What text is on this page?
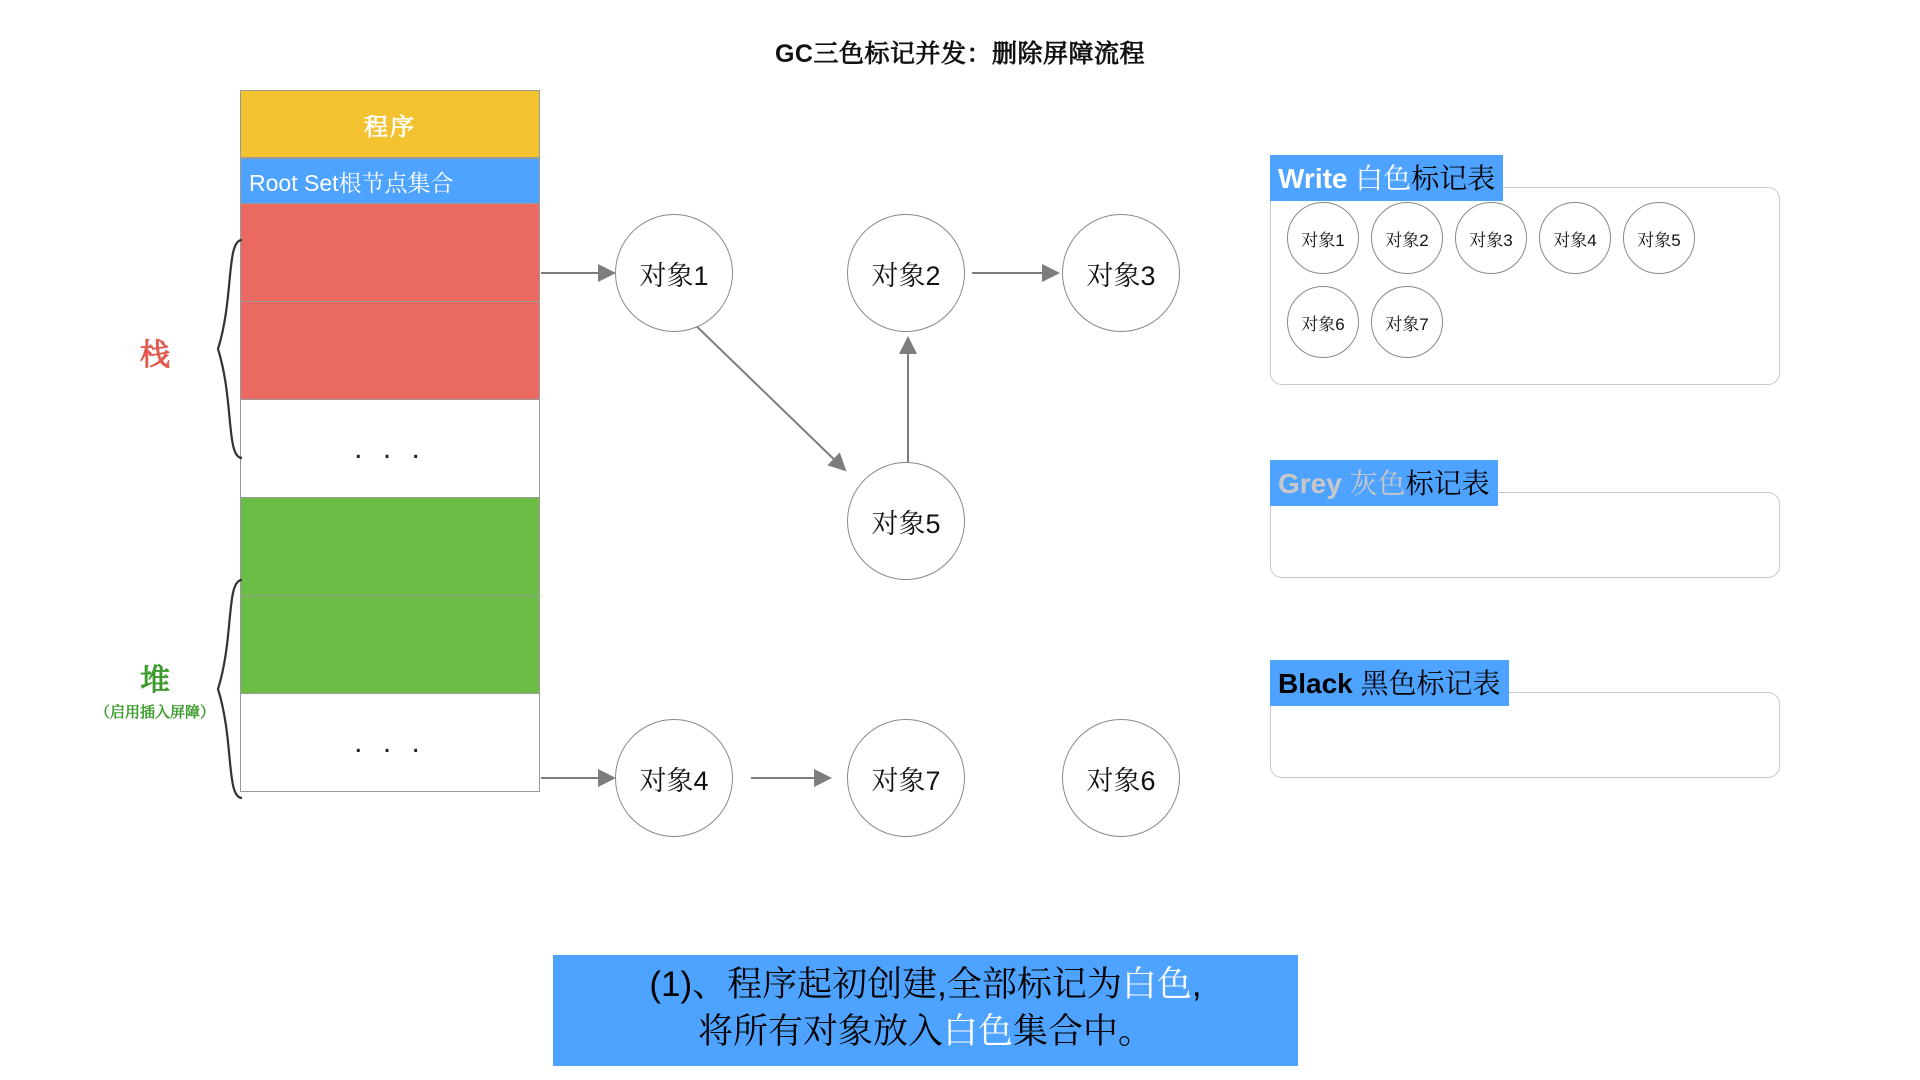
GC三色标记并发：删除屏障流程
程序
Root Set根节点集合
. . .
. . .
栈
堆
（启用插入屏障）
对象1	对象2	对象3
对象5
对象4	对象7	对象6
Write 白色标记表
对象1	对象2	对象3	对象4	对象5
对象6	对象7
Grey 灰色标记表
Black 黑色标记表
(1)、程序起初创建,全部标记为白色,
将所有对象放入白色集合中。
